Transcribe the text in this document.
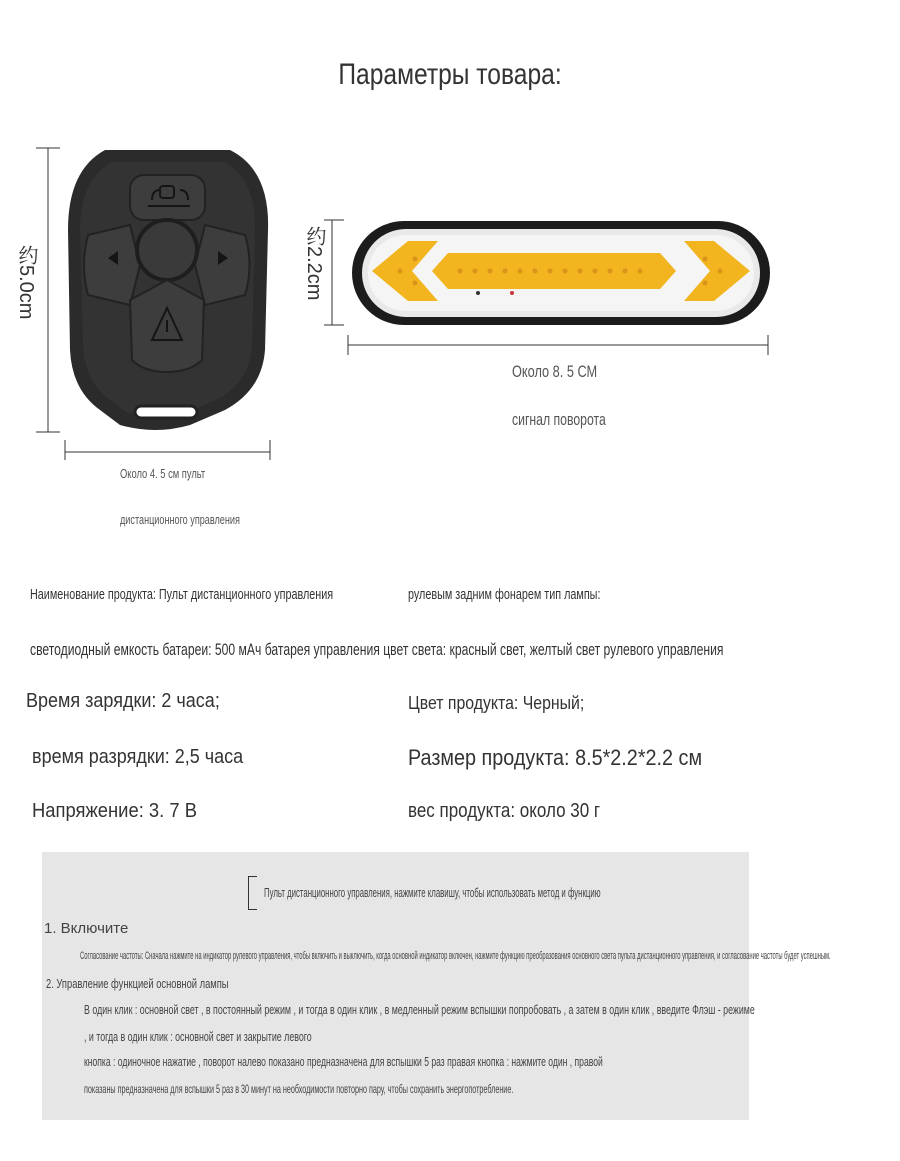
Параметры товара:
约5.0cm
Около 4. 5 см пульт
дистанционного управления
约2.2cm
Около 8. 5 СМ
сигнал поворота
Наименование продукта: Пульт дистанционного управления	рулевым задним фонарем тип лампы:
светодиодный емкость батареи: 500 мАч батарея управления цвет света: красный свет, желтый свет рулевого управления
Время зарядки: 2 часа;	Цвет продукта: Черный;
время разрядки: 2,5 часа	Размер продукта: 8.5*2.2*2.2 см
Напряжение: 3. 7 В	вес продукта: около 30 г
Пульт дистанционного управления, нажмите клавишу, чтобы использовать метод и функцию
1. Включите
Согласование частоты: Сначала нажмите на индикатор рулевого управления, чтобы включить и выключить, когда основной индикатор включен, нажмите функцию преобразования основного света пульта дистанционного управления, и согласование частоты будет успешным.
2. Управление функцией основной лампы
В один клик : основной свет , в постоянный режим , и тогда в один клик , в медленный режим вспышки попробовать , а затем в один клик , введите Флэш - режиме
, и тогда в один клик : основной свет и закрытие левого
кнопка : одиночное нажатие , поворот налево показано предназначена для вспышки 5 раз правая кнопка : нажмите один , правой
показаны предназначена для вспышки 5 раз в 30 минут на необходимости повторно пару, чтобы сохранить энергопотребление.
